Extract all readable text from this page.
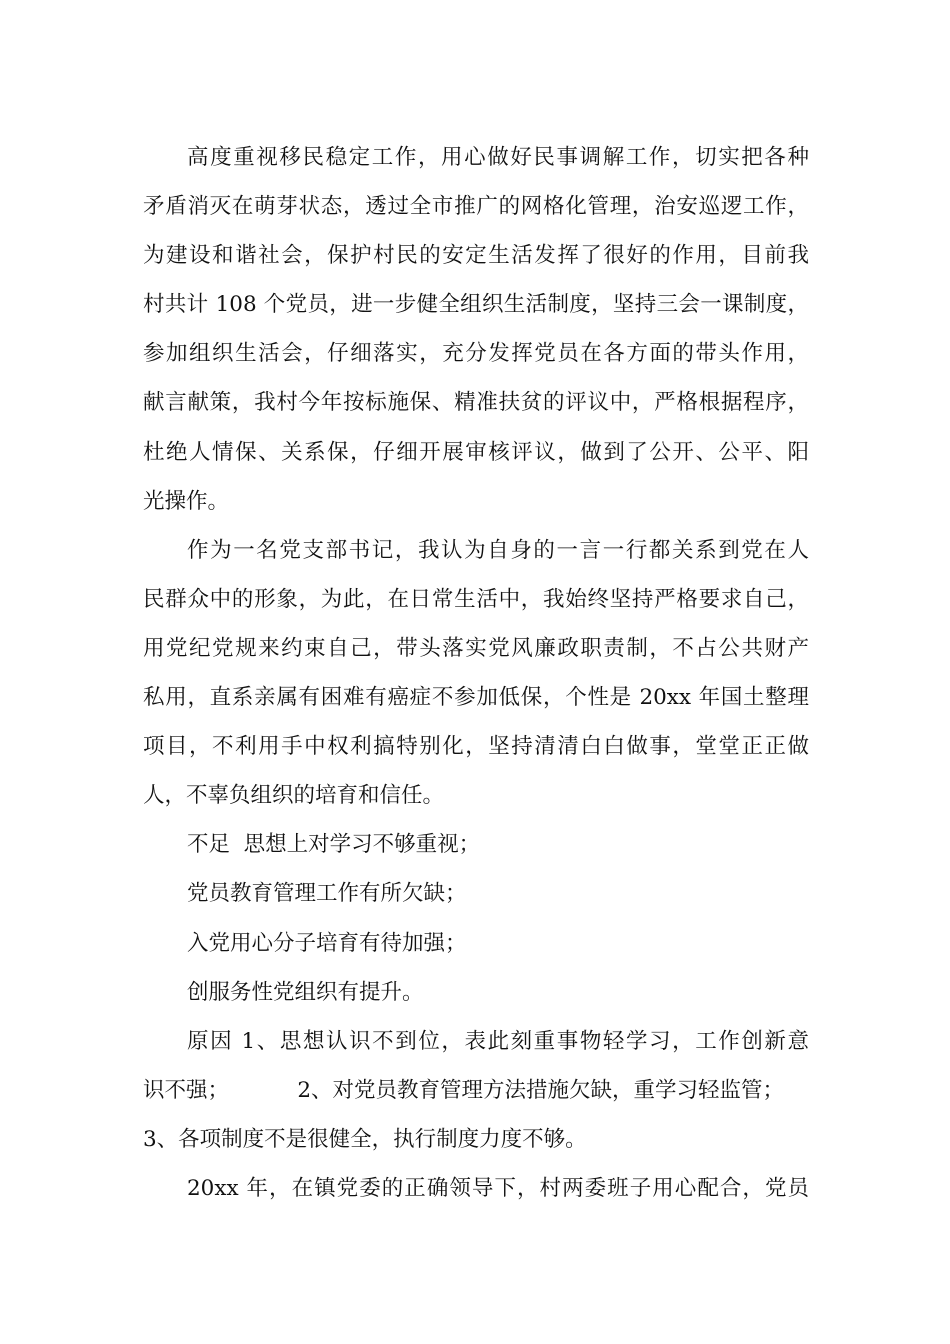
高度重视移民稳定工作，用心做好民事调解工作，切实把各种
矛盾消灭在萌芽状态，透过全市推广的网格化管理，治安巡逻工作，
为建设和谐社会，保护村民的安定生活发挥了很好的作用，目前我
村共计 108 个党员，进一步健全组织生活制度，坚持三会一课制度，
参加组织生活会，仔细落实，充分发挥党员在各方面的带头作用，
献言献策，我村今年按标施保、精准扶贫的评议中，严格根据程序，
杜绝人情保、关系保，仔细开展审核评议，做到了公开、公平、阳
光操作。
作为一名党支部书记，我认为自身的一言一行都关系到党在人
民群众中的形象，为此，在日常生活中，我始终坚持严格要求自己，
用党纪党规来约束自己，带头落实党风廉政职责制，不占公共财产
私用，直系亲属有困难有癌症不参加低保，个性是 20xx 年国土整理
项目，不利用手中权利搞特别化，坚持清清白白做事，堂堂正正做
人，不辜负组织的培育和信任。
不足  思想上对学习不够重视；
党员教育管理工作有所欠缺；
入党用心分子培育有待加强；
创服务性党组织有提升。
原因 1、思想认识不到位，表此刻重事物轻学习，工作创新意
识不强；          2、对党员教育管理方法措施欠缺，重学习轻监管；
3、各项制度不是很健全，执行制度力度不够。
20xx 年，在镇党委的正确领导下，村两委班子用心配合，党员
